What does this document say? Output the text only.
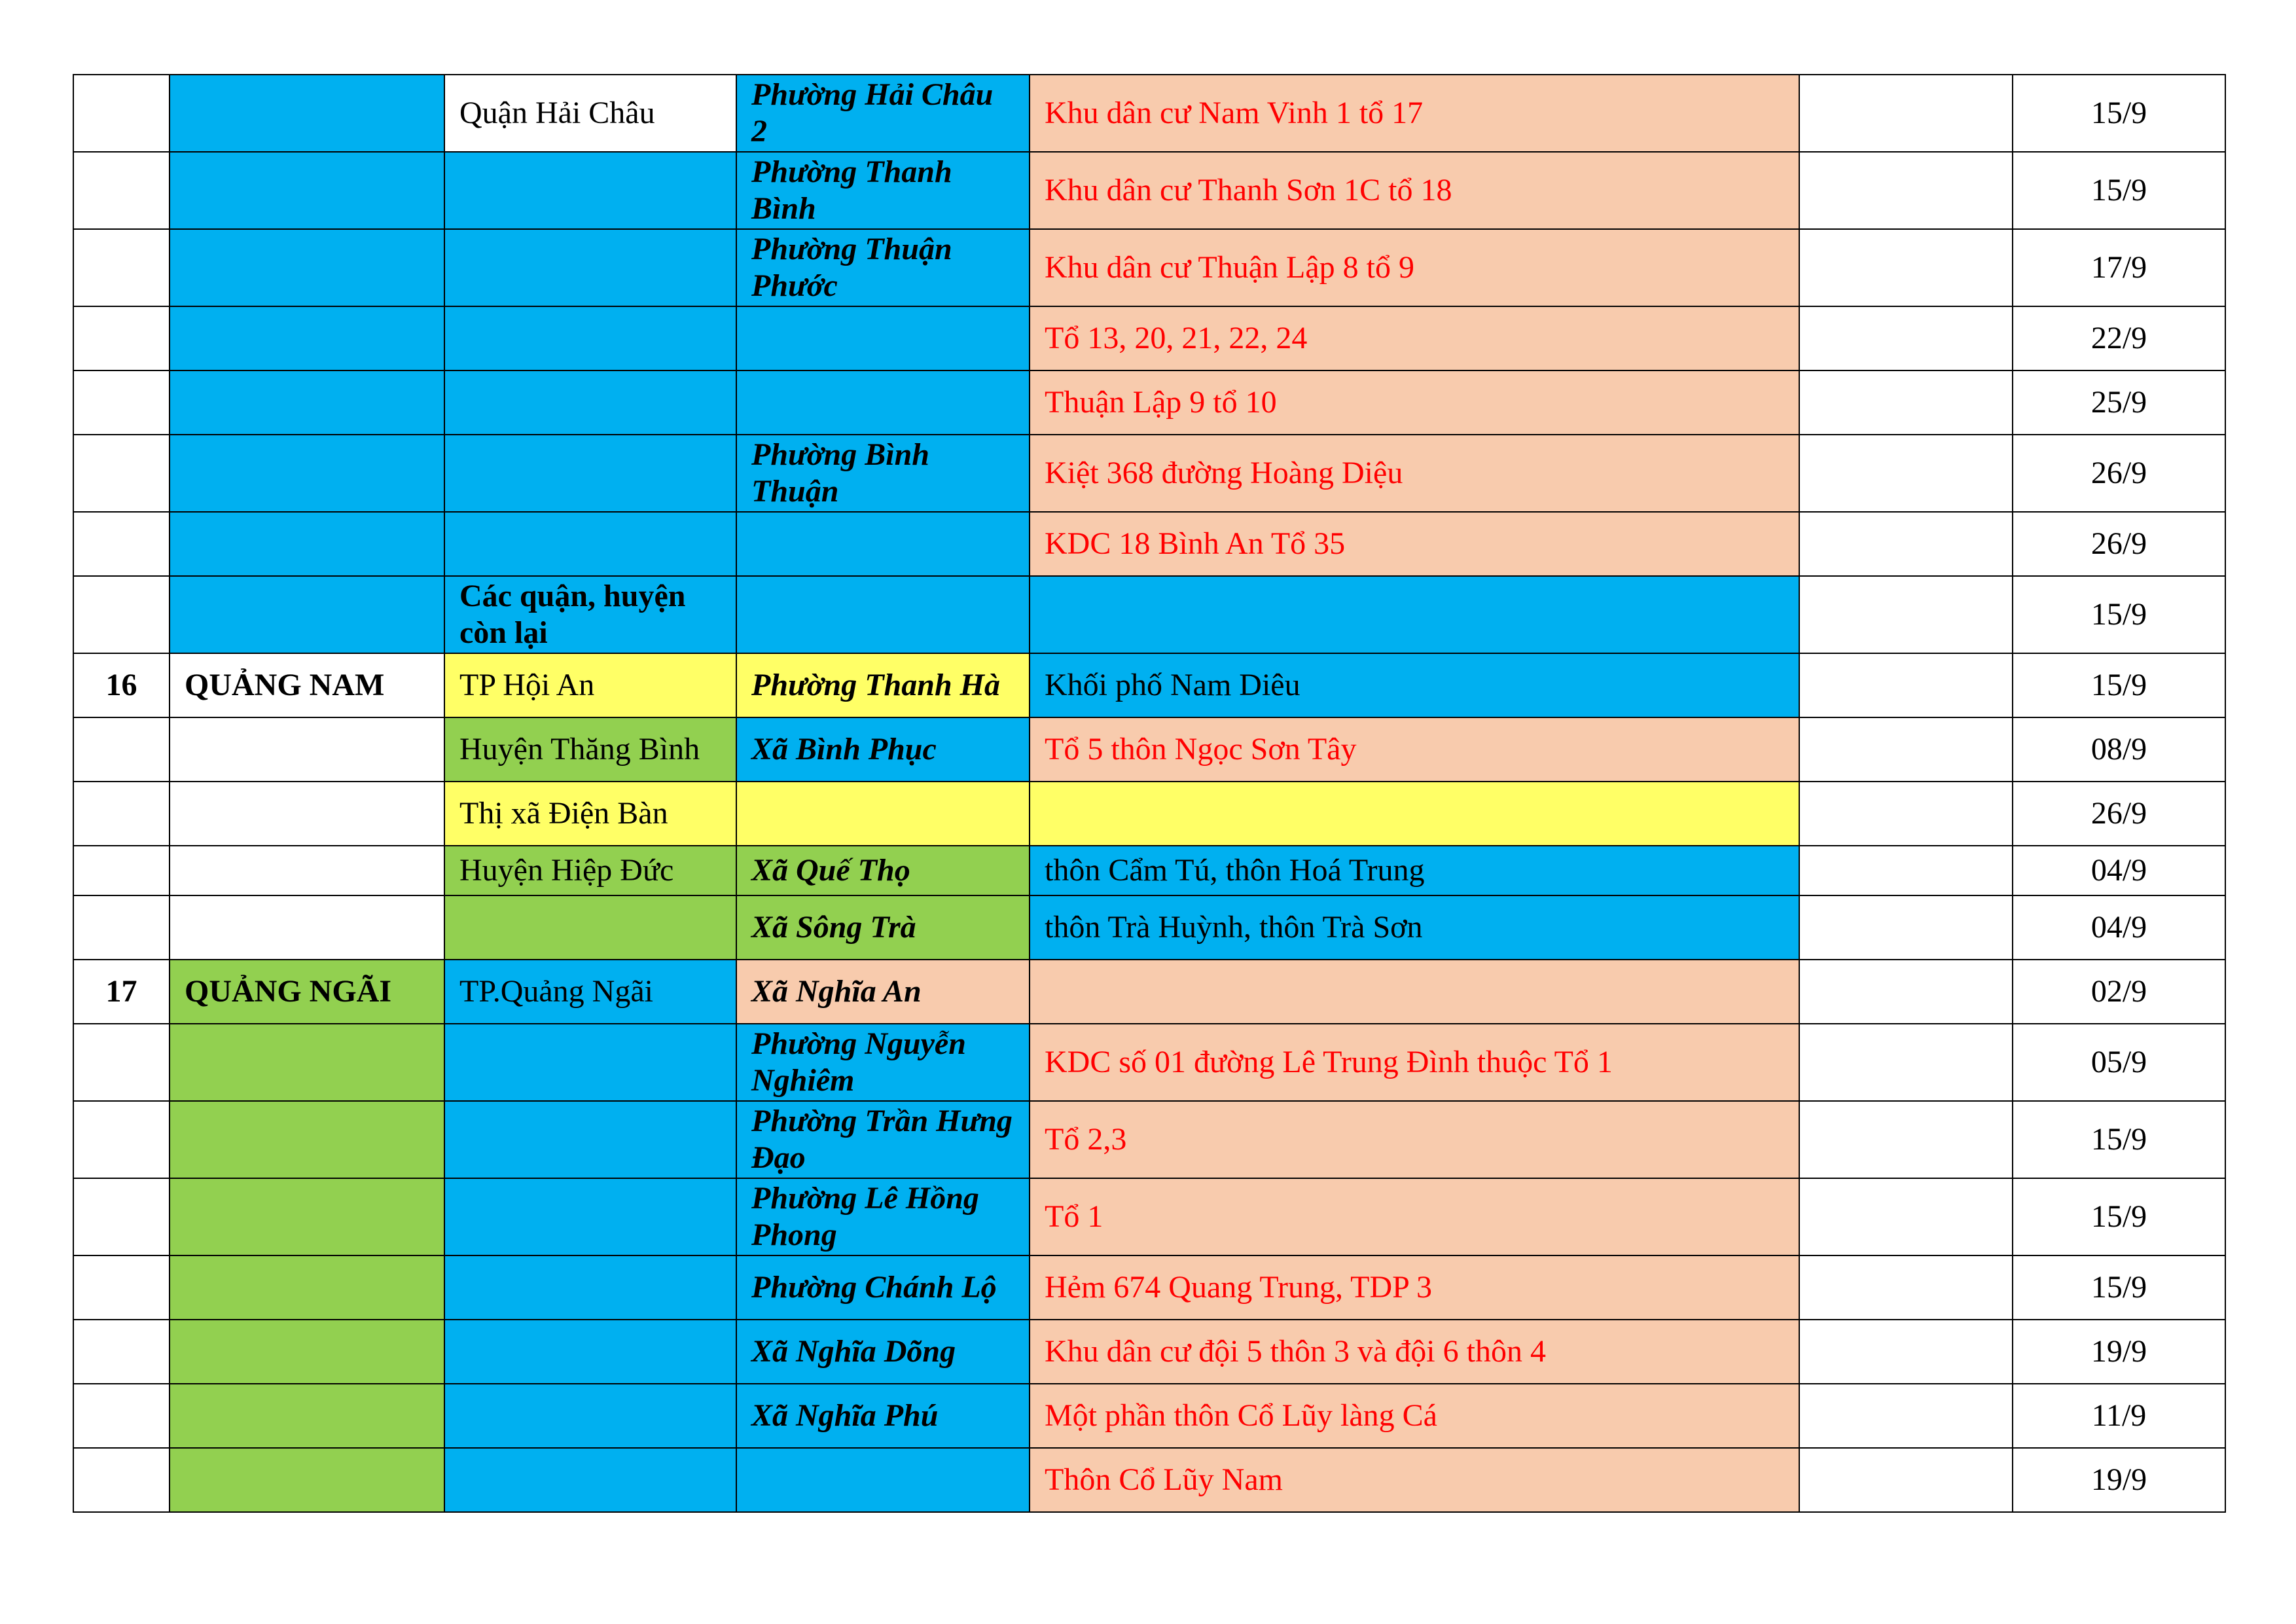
		Quận Hải Châu	Phường Hải Châu 2	Khu dân cư Nam Vinh 1 tổ 17		15/9
			Phường Thanh Bình	Khu dân cư Thanh Sơn 1C tổ 18		15/9
			Phường Thuận Phước	Khu dân cư Thuận Lập 8 tổ 9		17/9
				Tổ 13, 20, 21, 22, 24		22/9
				Thuận Lập 9 tổ 10		25/9
			Phường Bình Thuận	Kiệt 368 đường Hoàng Diệu		26/9
				KDC 18 Bình An Tổ 35		26/9
		Các quận, huyện còn lại				15/9
16	QUẢNG NAM	TP Hội An	Phường Thanh Hà	Khối phố Nam Diêu		15/9
		Huyện Thăng Bình	Xã Bình Phục	Tổ 5 thôn Ngọc Sơn Tây		08/9
		Thị xã Điện Bàn				26/9
		Huyện Hiệp Đức	Xã Quế Thọ	thôn Cẩm Tú, thôn Hoá Trung		04/9
			Xã Sông Trà	thôn Trà Huỳnh, thôn Trà Sơn		04/9
17	QUẢNG NGÃI	TP.Quảng Ngãi	Xã Nghĩa An			02/9
			Phường Nguyễn Nghiêm	KDC số 01 đường Lê Trung Đình thuộc Tổ 1		05/9
			Phường Trần Hưng Đạo	Tổ 2,3		15/9
			Phường Lê Hồng Phong	Tổ 1		15/9
			Phường Chánh Lộ	Hẻm 674 Quang Trung, TDP 3		15/9
			Xã Nghĩa Dõng	Khu dân cư đội 5 thôn 3 và đội 6 thôn 4		19/9
			Xã Nghĩa Phú	Một phần thôn Cổ Lũy làng Cá		11/9
				Thôn Cổ Lũy Nam		19/9
